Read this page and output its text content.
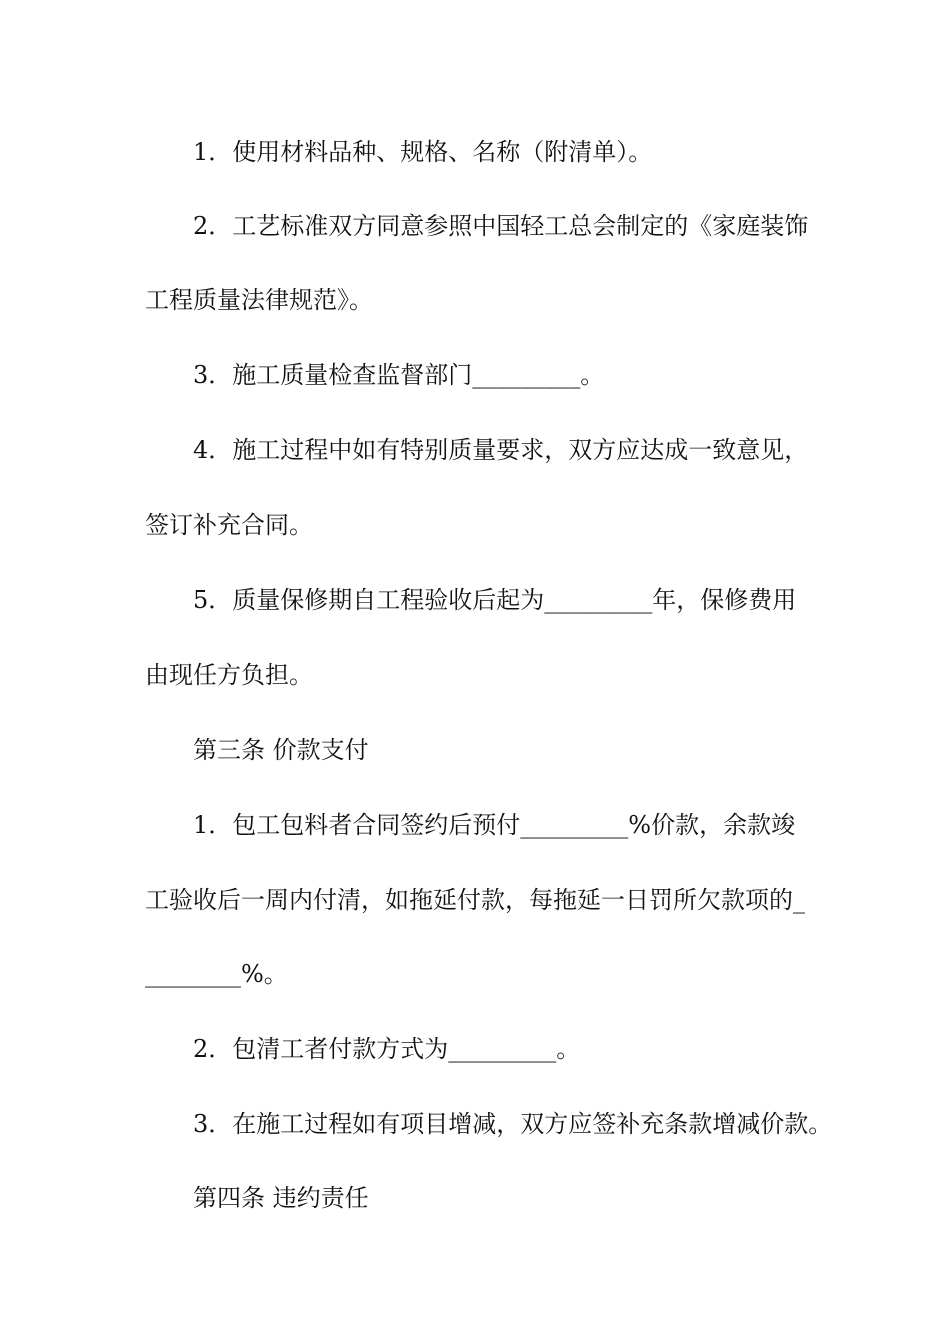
1．使用材料品种、规格、名称（附清单）。
2．工艺标准双方同意参照中国轻工总会制定的《家庭装饰
工程质量法律规范》。
3．施工质量检查监督部门_________。
4．施工过程中如有特别质量要求，双方应达成一致意见，
签订补充合同。
5．质量保修期自工程验收后起为_________年，保修费用
由现任方负担。
第三条 价款支付
1．包工包料者合同签约后预付_________%价款，余款竣
工验收后一周内付清，如拖延付款，每拖延一日罚所欠款项的_
________%。
2．包清工者付款方式为_________。
3．在施工过程如有项目增减，双方应签补充条款增减价款。
第四条 违约责任
